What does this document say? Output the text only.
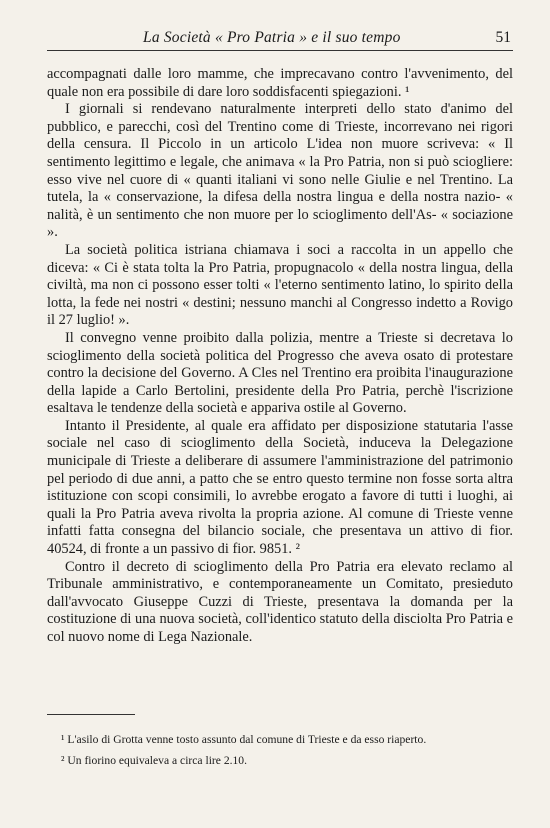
La Società « Pro Patria » e il suo tempo	51

accompagnati dalle loro mamme, che imprecavano contro l'avvenimento, del quale non era possibile di dare loro soddisfacenti spiegazioni. ¹

I giornali si rendevano naturalmente interpreti dello stato d'animo del pubblico, e parecchi, così del Trentino come di Trieste, incorrevano nei rigori della censura. Il Piccolo in un articolo L'idea non muore scriveva: « Il sentimento legittimo e legale, che animava « la Pro Patria, non si può sciogliere: esso vive nel cuore di « quanti italiani vi sono nelle Giulie e nel Trentino. La tutela, la « conservazione, la difesa della nostra lingua e della nostra nazio- « nalità, è un sentimento che non muore per lo scioglimento dell'As- « sociazione ».

La società politica istriana chiamava i soci a raccolta in un appello che diceva: « Ci è stata tolta la Pro Patria, propugnacolo « della nostra lingua, della civiltà, ma non ci possono esser tolti « l'eterno sentimento latino, lo spirito della lotta, la fede nei nostri « destini; nessuno manchi al Congresso indetto a Rovigo il 27 luglio! ».

Il convegno venne proibito dalla polizia, mentre a Trieste si decretava lo scioglimento della società politica del Progresso che aveva osato di protestare contro la decisione del Governo. A Cles nel Trentino era proibita l'inaugurazione della lapide a Carlo Bertolini, presidente della Pro Patria, perchè l'iscrizione esaltava le tendenze della società e appariva ostile al Governo.

Intanto il Presidente, al quale era affidato per disposizione statutaria l'asse sociale nel caso di scioglimento della Società, induceva la Delegazione municipale di Trieste a deliberare di assumere l'amministrazione del patrimonio pel periodo di due anni, a patto che se entro questo termine non fosse sorta altra istituzione con scopi consimili, lo avrebbe erogato a favore di tutti i luoghi, ai quali la Pro Patria aveva rivolta la propria azione. Al comune di Trieste venne infatti fatta consegna del bilancio sociale, che presentava un attivo di fior. 40524, di fronte a un passivo di fior. 9851. ²

Contro il decreto di scioglimento della Pro Patria era elevato reclamo al Tribunale amministrativo, e contemporaneamente un Comitato, presieduto dall'avvocato Giuseppe Cuzzi di Trieste, presentava la domanda per la costituzione di una nuova società, coll'identico statuto della disciolta Pro Patria e col nuovo nome di Lega Nazionale.

¹ L'asilo di Grotta venne tosto assunto dal comune di Trieste e da esso riaperto.

² Un fiorino equivaleva a circa lire 2.10.
